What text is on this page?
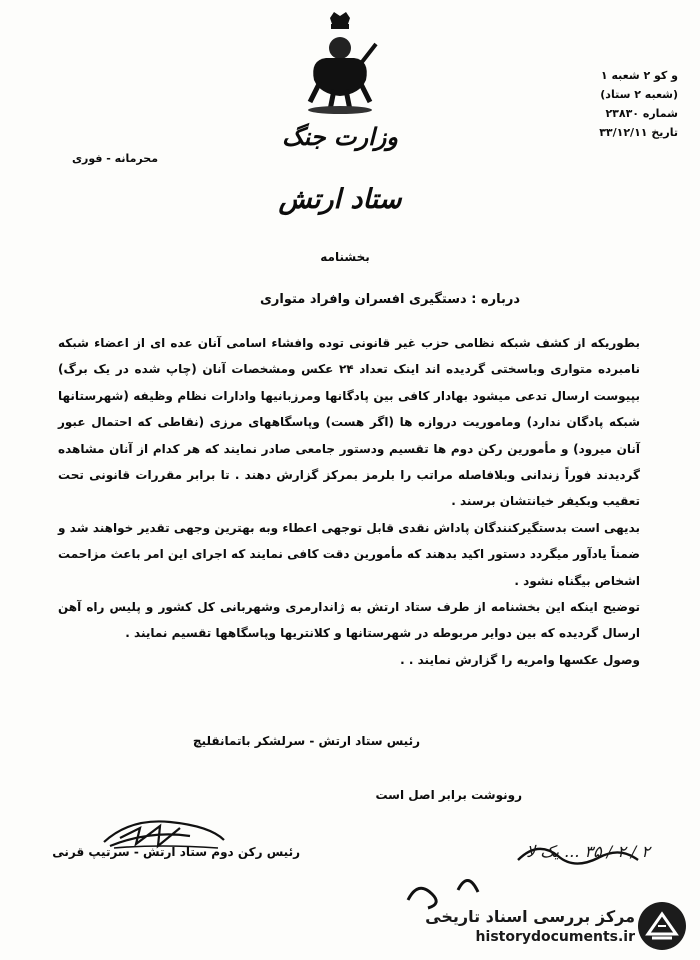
و کو ۲ شعبه ۱
(شعبه ۲ ستاد)
شماره ۲۳۸۳۰
تاریخ ۳۳/۱۲/۱۱
محرمانه - فوری
وزارت جنگ
ستاد ارتش
بخشنامه
درباره : دستگیری افسران وافراد متواری

بطوریکه از کشف شبکه نظامی حزب غیر قانونی توده وافشاء اسامی آنان عده ای از اعضاء شبکه نامبرده متواری وباسختی گردیده اند اینک تعداد ۲۴ عکس ومشخصات آنان (چاپ شده در یک برگ) بپیوست ارسال تدعی میشود بهادار کافی بین پادگانها ومرزبانیها وادارات نظام وظیفه (شهرستانها شبکه پادگان ندارد) وماموریت دروازه ها (اگر هست) وپاسگاههای مرزی (نقاطی که احتمال عبور آنان میرود) و مأمورین رکن دوم ها تقسیم ودستور جامعی صادر نمایند که هر کدام از آنان مشاهده گردیدند فوراً زندانی وبلافاصله مراتب را بلرمز بمرکز گزارش دهند . تا برابر مقررات قانونی تحت تعقیب وبکیفر خیانتشان برسند .

بدیهی است بدستگیرکنندگان پاداش نقدی قابل توجهی اعطاء وبه بهترین وجهی تقدیر خواهند شد و ضمناً یادآور میگردد دستور اکید بدهند که مأمورین دقت کافی نمایند که اجرای این امر باعث مزاحمت اشخاص بیگناه نشود .

توضیح اینکه این بخشنامه از طرف ستاد ارتش به ژاندارمری وشهربانی کل کشور و پلیس راه آهن ارسال گردیده که بین دوایر مربوطه در شهرستانها و کلانتریها وپاسگاهها تقسیم نمایند .

وصول عکسها وامریه را گزارش نمایند . .

رئیس ستاد ارتش - سرلشکر باتمانقلیچ
رونوشت برابر اصل است
رئیس رکن دوم ستاد ارتش - سرتیپ قرنی	۲ / ۲ / ۳۵ ... یک لا
مرکز بررسی اسناد تاریخی
historydocuments.ir
